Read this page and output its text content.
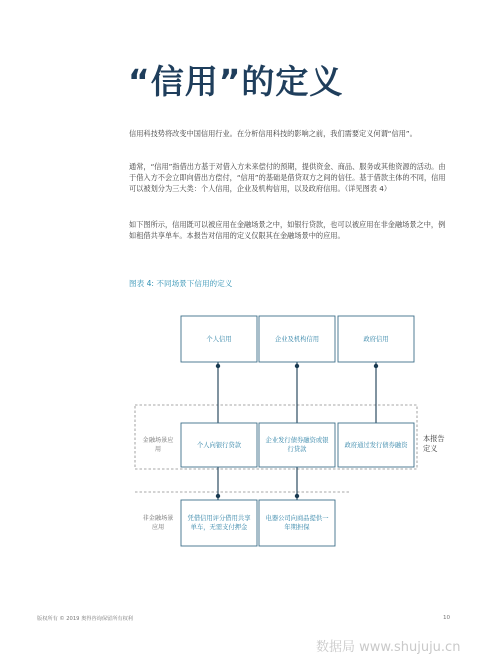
“信用”的定义
信用科技势将改变中国信用行业。在分析信用科技的影响之前，我们需要定义何谓“信用”。
通常，“信用”指借出方基于对借入方未来偿付的预期，提供资金、商品、服务或其他资源的活动。由于借入方不会立即向借出方偿付，“信用”的基础是借贷双方之间的信任。基于借款主体的不同，信用可以被划分为三大类：个人信用，企业及机构信用，以及政府信用。（详见图表 4）
如下图所示，信用既可以被应用在金融场景之中，如银行贷款，也可以被应用在非金融场景之中，例如租借共享单车。本报告对信用的定义仅限其在金融场景中的应用。
图表 4: 不同场景下信用的定义
个人信用	企业及机构信用	政府信用
个人向银行贷款
企业发行债券融资或银行贷款
政府通过发行债券融资
凭借信用评分借用共享单车，无需支付押金
电器公司向商品提供一年期担保
金融场景应用
非金融场景应用
本报告定义
版权所有 © 2019 奥得咨询保留所有权利	10
数据局 www.shujuju.cn
